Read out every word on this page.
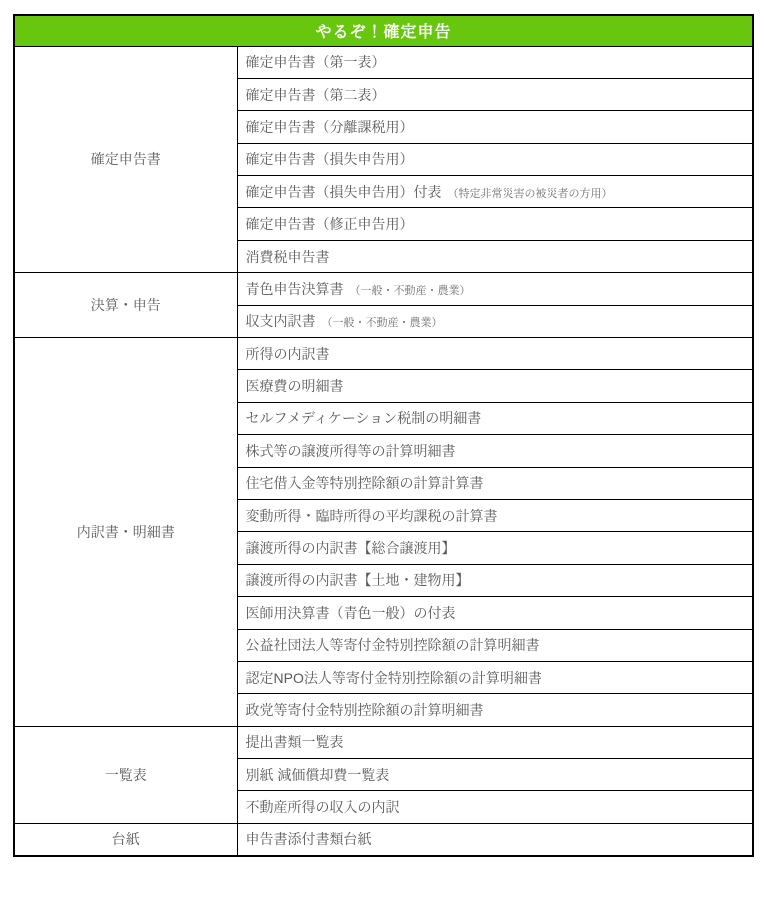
やるぞ！確定申告	
確定申告書	確定申告書（第一表）
	確定申告書（第二表）
	確定申告書（分離課税用）
	確定申告書（損失申告用）
	確定申告書（損失申告用）付表 （特定非常災害の被災者の方用）
	確定申告書（修正申告用）
	消費税申告書
決算・申告	青色申告決算書 （一般・不動産・農業）
	収支内訳書 （一般・不動産・農業）
内訳書・明細書	所得の内訳書
	医療費の明細書
	セルフメディケーション税制の明細書
	株式等の譲渡所得等の計算明細書
	住宅借入金等特別控除額の計算計算書
	変動所得・臨時所得の平均課税の計算書
	譲渡所得の内訳書【総合譲渡用】
	譲渡所得の内訳書【土地・建物用】
	医師用決算書（青色一般）の付表
	公益社団法人等寄付金特別控除額の計算明細書
	認定NPO法人等寄付金特別控除額の計算明細書
	政党等寄付金特別控除額の計算明細書
一覧表	提出書類一覧表
	別紙 減価償却費一覧表
	不動産所得の収入の内訳
台紙	申告書添付書類台紙
